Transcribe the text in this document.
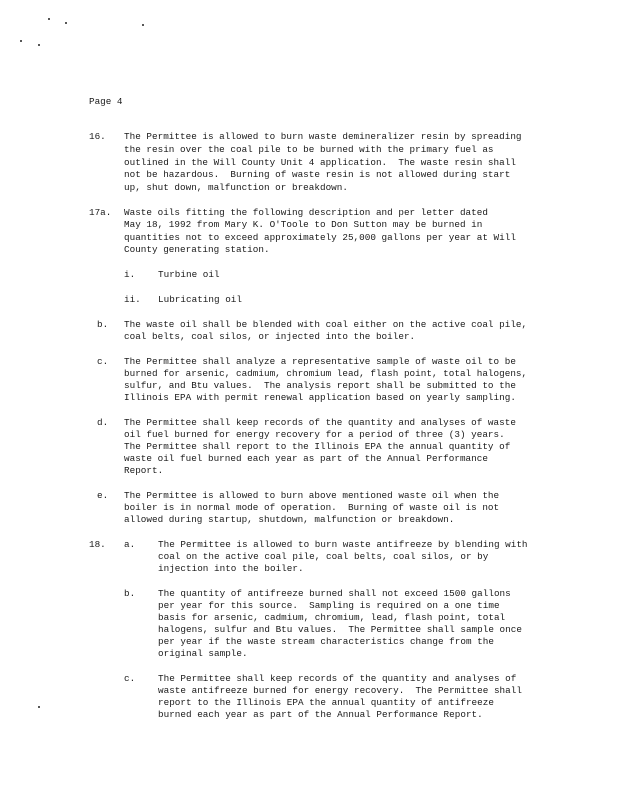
Page 4
16. The Permittee is allowed to burn waste demineralizer resin by spreading
the resin over the coal pile to be burned with the primary fuel as
outlined in the Will County Unit 4 application.  The waste resin shall
not be hazardous.  Burning of waste resin is not allowed during start
up, shut down, malfunction or breakdown.
17a. Waste oils fitting the following description and per letter dated
May 18, 1992 from Mary K. O'Toole to Don Sutton may be burned in
quantities not to exceed approximately 25,000 gallons per year at Will
County generating station.
i. Turbine oil
ii. Lubricating oil
b. The waste oil shall be blended with coal either on the active coal pile,
coal belts, coal silos, or injected into the boiler.
c. The Permittee shall analyze a representative sample of waste oil to be
burned for arsenic, cadmium, chromium lead, flash point, total halogens,
sulfur, and Btu values.  The analysis report shall be submitted to the
Illinois EPA with permit renewal application based on yearly sampling.
d. The Permittee shall keep records of the quantity and analyses of waste
oil fuel burned for energy recovery for a period of three (3) years.
The Permittee shall report to the Illinois EPA the annual quantity of
waste oil fuel burned each year as part of the Annual Performance
Report.
e. The Permittee is allowed to burn above mentioned waste oil when the
boiler is in normal mode of operation.  Burning of waste oil is not
allowed during startup, shutdown, malfunction or breakdown.
18. a. The Permittee is allowed to burn waste antifreeze by blending with
coal on the active coal pile, coal belts, coal silos, or by
injection into the boiler.
b. The quantity of antifreeze burned shall not exceed 1500 gallons
per year for this source.  Sampling is required on a one time
basis for arsenic, cadmium, chromium, lead, flash point, total
halogens, sulfur and Btu values.  The Permittee shall sample once
per year if the waste stream characteristics change from the
original sample.
c. The Permittee shall keep records of the quantity and analyses of
waste antifreeze burned for energy recovery.  The Permittee shall
report to the Illinois EPA the annual quantity of antifreeze
burned each year as part of the Annual Performance Report.
